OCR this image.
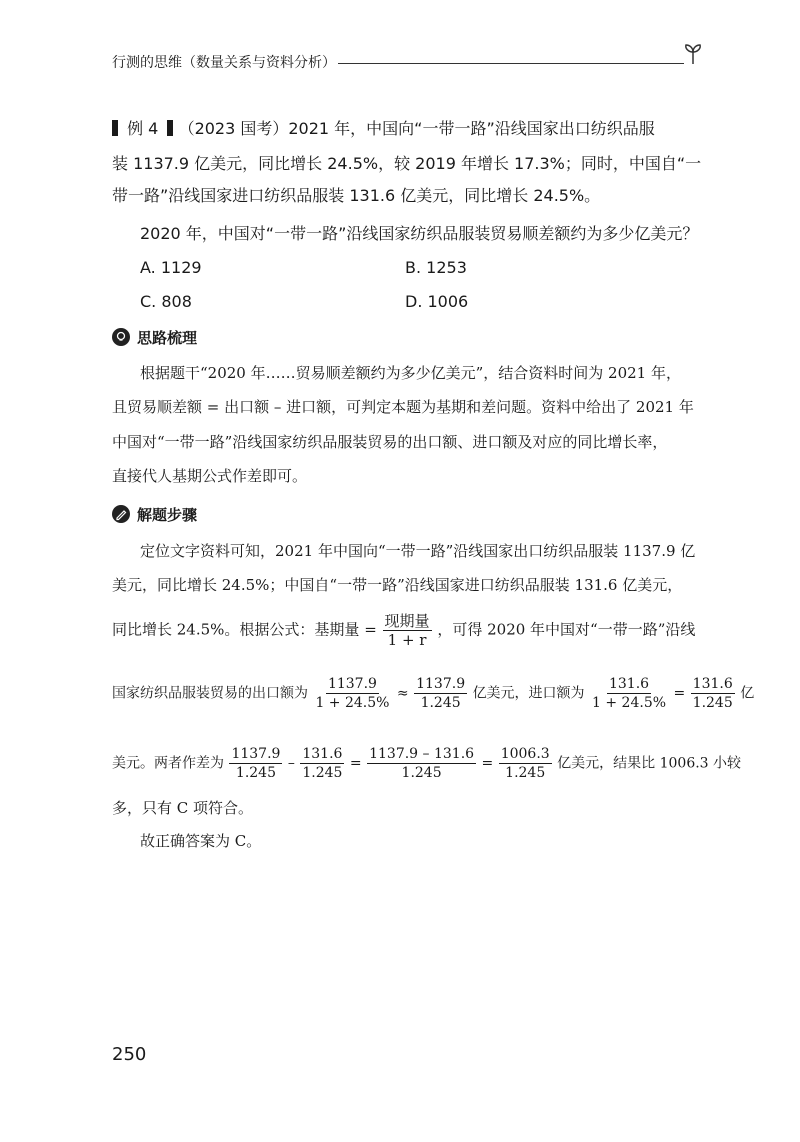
行测的思维（数量关系与资料分析）
例 4 （2023 国考）2021 年，中国向“一带一路”沿线国家出口纺织品服
装 1137.9 亿美元，同比增长 24.5%，较 2019 年增长 17.3%；同时，中国自“一
带一路”沿线国家进口纺织品服装 131.6 亿美元，同比增长 24.5%。
2020 年，中国对“一带一路”沿线国家纺织品服装贸易顺差额约为多少亿美元？
A. 1129	B. 1253
C. 808	D. 1006
思路梳理
根据题干“2020 年……贸易顺差额约为多少亿美元”，结合资料时间为 2021 年，
且贸易顺差额 = 出口额 – 进口额，可判定本题为基期和差问题。资料中给出了 2021 年
中国对“一带一路”沿线国家纺织品服装贸易的出口额、进口额及对应的同比增长率，
直接代人基期公式作差即可。
解题步骤
定位文字资料可知，2021 年中国向“一带一路”沿线国家出口纺织品服装 1137.9 亿
美元，同比增长 24.5%；中国自“一带一路”沿线国家进口纺织品服装 131.6 亿美元，
同比增长 24.5%。根据公式：基期量 = $\frac{\text{现期量}}{1 + r}$ ，可得 2020 年中国对“一带一路”沿线
国家纺织品服装贸易的出口额为 $\frac{1137.9}{1 + 24.5\%} \approx \frac{1137.9}{1.245}$ 亿美元，进口额为 $\frac{131.6}{1 + 24.5\%} = \frac{131.6}{1.245}$ 亿
美元。两者作差为 $\frac{1137.9}{1.245} - \frac{131.6}{1.245} = \frac{1137.9 - 131.6}{1.245} = \frac{1006.3}{1.245}$ 亿美元，结果比 1006.3 小较
多，只有 C 项符合。
故正确答案为 C。
250
